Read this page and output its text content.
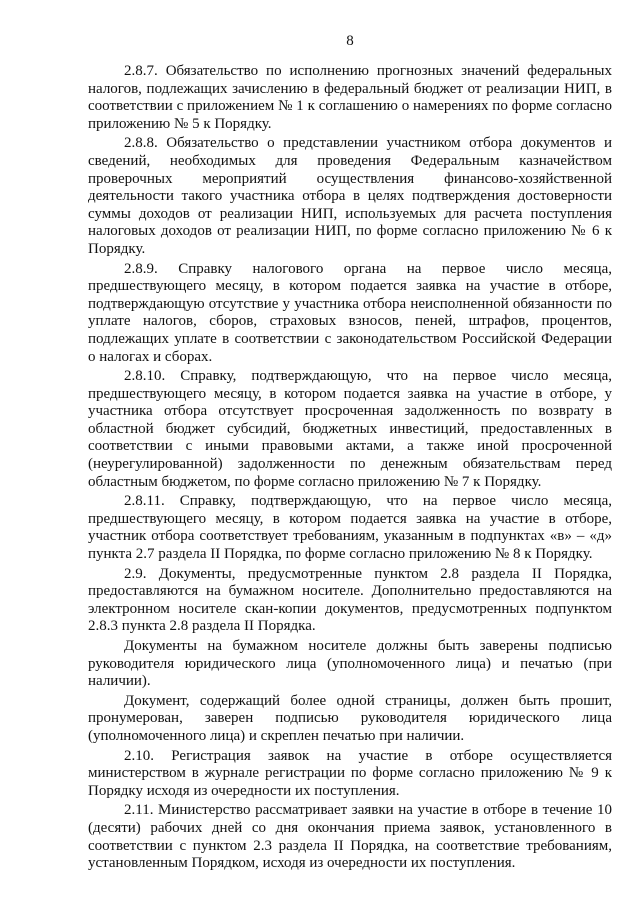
8

2.8.7. Обязательство по исполнению прогнозных значений федеральных налогов, подлежащих зачислению в федеральный бюджет от реализации НИП, в соответствии с приложением № 1 к соглашению о намерениях по форме согласно приложению № 5 к Порядку.

2.8.8. Обязательство о представлении участником отбора документов и сведений, необходимых для проведения Федеральным казначейством проверочных мероприятий осуществления финансово-хозяйственной деятельности такого участника отбора в целях подтверждения достоверности суммы доходов от реализации НИП, используемых для расчета поступления налоговых доходов от реализации НИП, по форме согласно приложению № 6 к Порядку.

2.8.9. Справку налогового органа на первое число месяца, предшествующего месяцу, в котором подается заявка на участие в отборе, подтверждающую отсутствие у участника отбора неисполненной обязанности по уплате налогов, сборов, страховых взносов, пеней, штрафов, процентов, подлежащих уплате в соответствии с законодательством Российской Федерации о налогах и сборах.

2.8.10. Справку, подтверждающую, что на первое число месяца, предшествующего месяцу, в котором подается заявка на участие в отборе, у участника отбора отсутствует просроченная задолженность по возврату в областной бюджет субсидий, бюджетных инвестиций, предоставленных в соответствии с иными правовыми актами, а также иной просроченной (неурегулированной) задолженности по денежным обязательствам перед областным бюджетом, по форме согласно приложению № 7 к Порядку.

2.8.11. Справку, подтверждающую, что на первое число месяца, предшествующего месяцу, в котором подается заявка на участие в отборе, участник отбора соответствует требованиям, указанным в подпунктах «в» – «д» пункта 2.7 раздела II Порядка, по форме согласно приложению № 8 к Порядку.

2.9. Документы, предусмотренные пунктом 2.8 раздела II Порядка, предоставляются на бумажном носителе. Дополнительно предоставляются на электронном носителе скан-копии документов, предусмотренных подпунктом 2.8.3 пункта 2.8 раздела II Порядка.

Документы на бумажном носителе должны быть заверены подписью руководителя юридического лица (уполномоченного лица) и печатью (при наличии).

Документ, содержащий более одной страницы, должен быть прошит, пронумерован, заверен подписью руководителя юридического лица (уполномоченного лица) и скреплен печатью при наличии.

2.10. Регистрация заявок на участие в отборе осуществляется министерством в журнале регистрации по форме согласно приложению № 9 к Порядку исходя из очередности их поступления.

2.11. Министерство рассматривает заявки на участие в отборе в течение 10 (десяти) рабочих дней со дня окончания приема заявок, установленного в соответствии с пунктом 2.3 раздела II Порядка, на соответствие требованиям, установленным Порядком, исходя из очередности их поступления.
